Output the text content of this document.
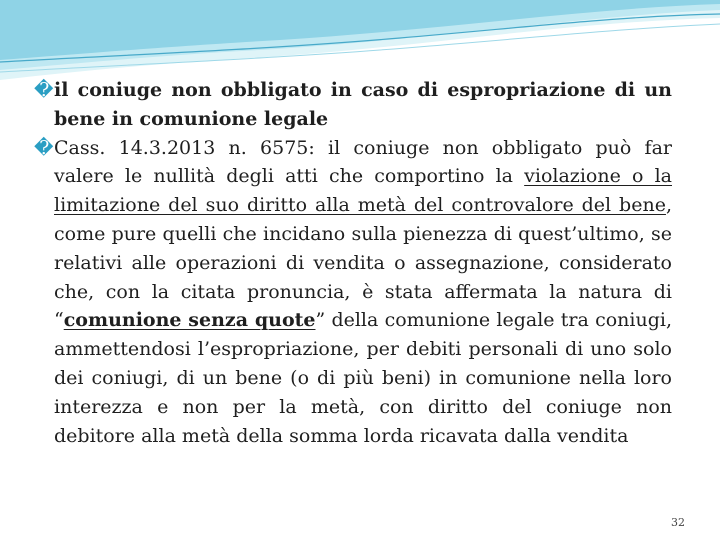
� il coniuge non obbligato in caso di espropriazione di un bene in comunione legale

� Cass. 14.3.2013 n. 6575: il coniuge non obbligato può far valere le nullità degli atti che comportino la violazione o la limitazione del suo diritto alla metà del controvalore del bene, come pure quelli che incidano sulla pienezza di quest’ultimo, se relativi alle operazioni di vendita o assegnazione, considerato che, con la citata pronuncia, è stata affermata la natura di “comunione senza quote” della comunione legale tra coniugi, ammettendosi l’espropriazione, per debiti personali di uno solo dei coniugi, di un bene (o di più beni) in comunione nella loro interezza e non per la metà, con diritto del coniuge non debitore alla metà della somma lorda ricavata dalla vendita

32
